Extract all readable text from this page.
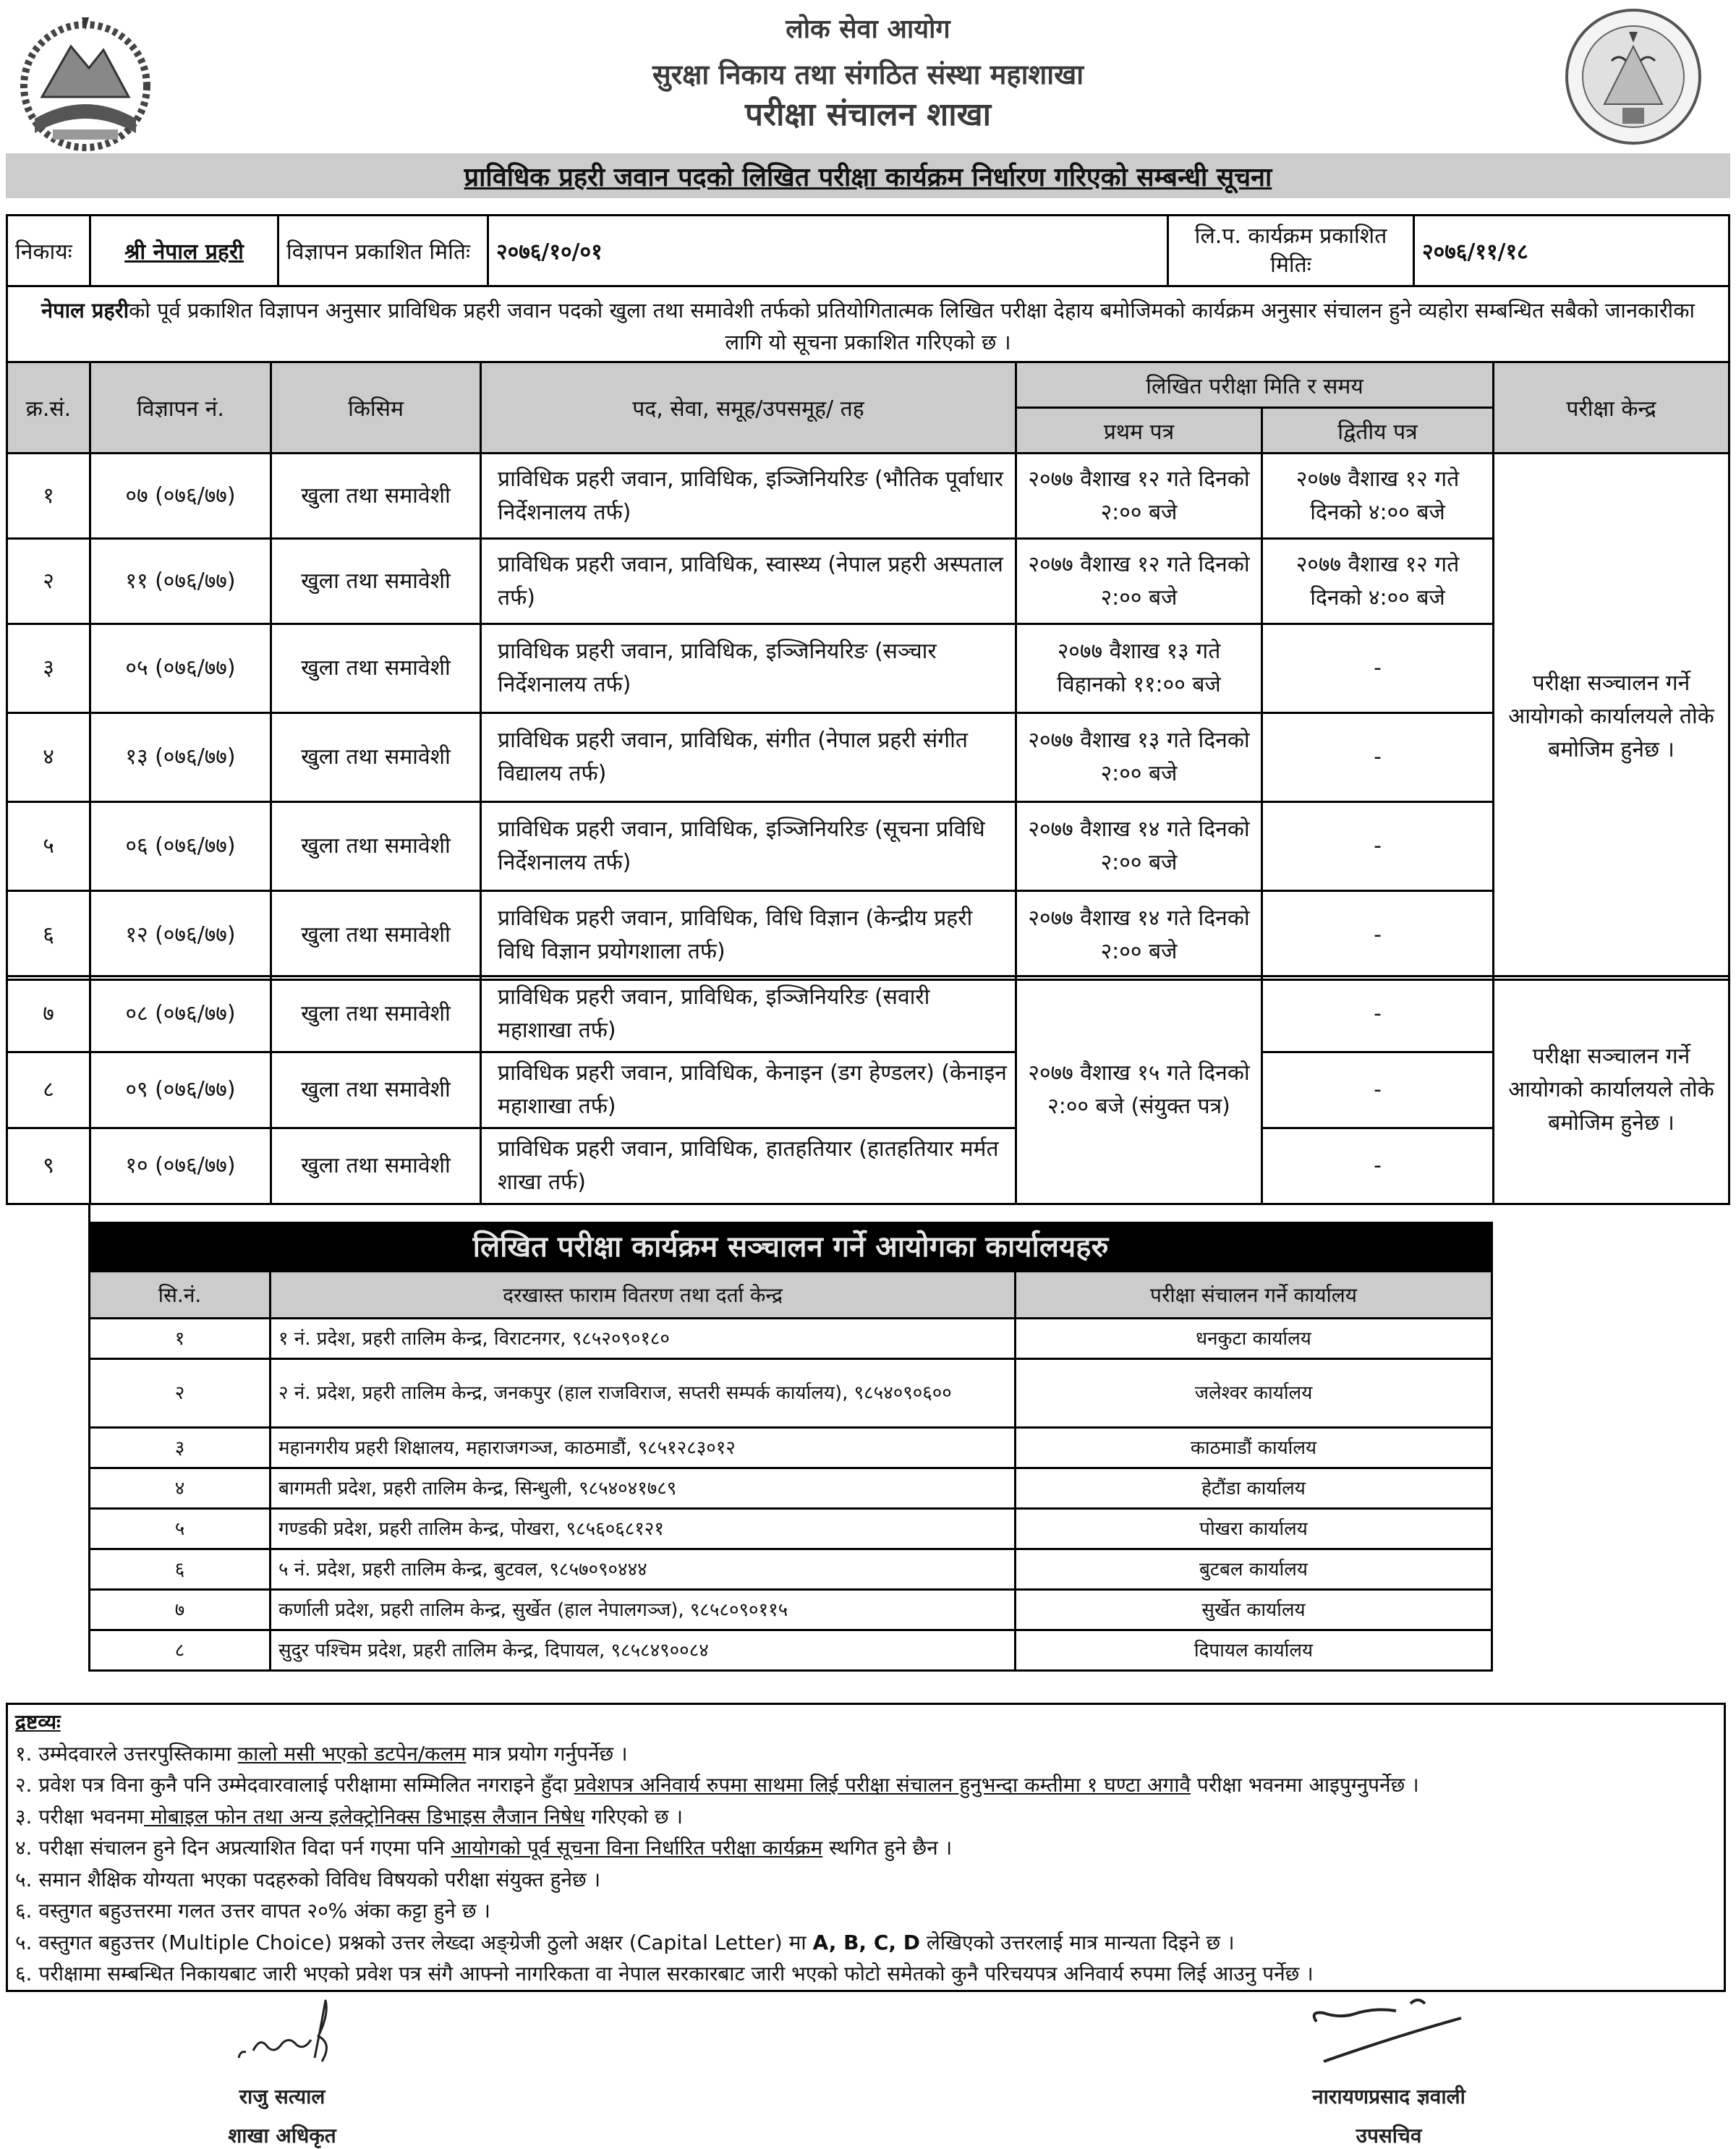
लोक सेवा आयोग
सुरक्षा निकाय तथा संगठित संस्था महाशाखा
परीक्षा संचालन शाखा
प्राविधिक प्रहरी जवान पदको लिखित परीक्षा कार्यक्रम निर्धारण गरिएको सम्बन्धी सूचना
निकायः	श्री नेपाल प्रहरी	विज्ञापन प्रकाशित मितिः	२०७६/१०/०१	लि.प. कार्यक्रम प्रकाशित मितिः	२०७६/११/१८
नेपाल प्रहरीको पूर्व प्रकाशित विज्ञापन अनुसार प्राविधिक प्रहरी जवान पदको खुला तथा समावेशी तर्फको प्रतियोगितात्मक लिखित परीक्षा देहाय बमोजिमको कार्यक्रम अनुसार संचालन हुने व्यहोरा सम्बन्धित सबैको जानकारीका लागि यो सूचना प्रकाशित गरिएको छ ।
क्र.सं.	विज्ञापन नं.	किसिम	पद, सेवा, समूह/उपसमूह/ तह	लिखित परीक्षा मिति र समय		परीक्षा केन्द्र
				प्रथम पत्र	द्वितीय पत्र	
१	०७ (०७६/७७)	खुला तथा समावेशी	प्राविधिक प्रहरी जवान, प्राविधिक, इञ्जिनियरिङ (भौतिक पूर्वाधार निर्देशनालय तर्फ)	२०७७ वैशाख १२ गते दिनको २:०० बजे	२०७७ वैशाख १२ गते दिनको ४:०० बजे	परीक्षा सञ्चालन गर्ने आयोगको कार्यालयले तोके बमोजिम हुनेछ ।
२	११ (०७६/७७)	खुला तथा समावेशी	प्राविधिक प्रहरी जवान, प्राविधिक, स्वास्थ्य (नेपाल प्रहरी अस्पताल तर्फ)	२०७७ वैशाख १२ गते दिनको २:०० बजे	२०७७ वैशाख १२ गते दिनको ४:०० बजे	
३	०५ (०७६/७७)	खुला तथा समावेशी	प्राविधिक प्रहरी जवान, प्राविधिक, इञ्जिनियरिङ (सञ्चार निर्देशनालय तर्फ)	२०७७ वैशाख १३ गते विहानको ११:०० बजे	-	
४	१३ (०७६/७७)	खुला तथा समावेशी	प्राविधिक प्रहरी जवान, प्राविधिक, संगीत (नेपाल प्रहरी संगीत विद्यालय तर्फ)	२०७७ वैशाख १३ गते दिनको २:०० बजे	-	
५	०६ (०७६/७७)	खुला तथा समावेशी	प्राविधिक प्रहरी जवान, प्राविधिक, इञ्जिनियरिङ (सूचना प्रविधि निर्देशनालय तर्फ)	२०७७ वैशाख १४ गते दिनको २:०० बजे	-	
६	१२ (०७६/७७)	खुला तथा समावेशी	प्राविधिक प्रहरी जवान, प्राविधिक, विधि विज्ञान (केन्द्रीय प्रहरी विधि विज्ञान प्रयोगशाला तर्फ)	२०७७ वैशाख १४ गते दिनको २:०० बजे	-	
७	०८ (०७६/७७)	खुला तथा समावेशी	प्राविधिक प्रहरी जवान, प्राविधिक, इञ्जिनियरिङ (सवारी महाशाखा तर्फ)	२०७७ वैशाख १५ गते दिनको २:०० बजे (संयुक्त पत्र)	-	परीक्षा सञ्चालन गर्ने आयोगको कार्यालयले तोके बमोजिम हुनेछ ।
८	०९ (०७६/७७)	खुला तथा समावेशी	प्राविधिक प्रहरी जवान, प्राविधिक, केनाइन (डग हेण्डलर) (केनाइन महाशाखा तर्फ)		-	
९	१० (०७६/७७)	खुला तथा समावेशी	प्राविधिक प्रहरी जवान, प्राविधिक, हातहतियार (हातहतियार मर्मत शाखा तर्फ)		-	
लिखित परीक्षा कार्यक्रम सञ्चालन गर्ने आयोगका कार्यालयहरु		
सि.नं.	दरखास्त फाराम वितरण तथा दर्ता केन्द्र	परीक्षा संचालन गर्ने कार्यालय
१	१ नं. प्रदेश, प्रहरी तालिम केन्द्र, विराटनगर, ९८५२०९०१८०	धनकुटा कार्यालय
२	२ नं. प्रदेश, प्रहरी तालिम केन्द्र, जनकपुर (हाल राजविराज, सप्तरी सम्पर्क कार्यालय), ९८५४०९०६००	जलेश्वर कार्यालय
३	महानगरीय प्रहरी शिक्षालय, महाराजगञ्ज, काठमाडौं, ९८५१२८३०१२	काठमाडौं कार्यालय
४	बागमती प्रदेश, प्रहरी तालिम केन्द्र, सिन्धुली, ९८५४०४१७८९	हेटौंडा कार्यालय
५	गण्डकी प्रदेश, प्रहरी तालिम केन्द्र, पोखरा, ९८५६०६८१२१	पोखरा कार्यालय
६	५ नं. प्रदेश, प्रहरी तालिम केन्द्र, बुटवल, ९८५७०९०४४४	बुटबल कार्यालय
७	कर्णाली प्रदेश, प्रहरी तालिम केन्द्र, सुर्खेत (हाल नेपालगञ्ज), ९८५८०९०११५	सुर्खेत कार्यालय
८	सुदुर पश्चिम प्रदेश, प्रहरी तालिम केन्द्र, दिपायल, ९८५८४९००८४	दिपायल कार्यालय
द्रष्टव्यः
१. उम्मेदवारले उत्तरपुस्तिकामा कालो मसी भएको डटपेन/कलम मात्र प्रयोग गर्नुपर्नेछ ।
२. प्रवेश पत्र विना कुनै पनि उम्मेदवारवालाई परीक्षामा सम्मिलित नगराइने हुँदा प्रवेशपत्र अनिवार्य रुपमा साथमा लिई परीक्षा संचालन हुनुभन्दा कम्तीमा १ घण्टा अगावै परीक्षा भवनमा आइपुग्नुपर्नेछ ।
३. परीक्षा भवनमा मोबाइल फोन तथा अन्य इलेक्ट्रोनिक्स डिभाइस लैजान निषेध गरिएको छ ।
४. परीक्षा संचालन हुने दिन अप्रत्याशित विदा पर्न गएमा पनि आयोगको पूर्व सूचना विना निर्धारित परीक्षा कार्यक्रम स्थगित हुने छैन ।
५. समान शैक्षिक योग्यता भएका पदहरुको विविध विषयको परीक्षा संयुक्त हुनेछ ।
६. वस्तुगत बहुउत्तरमा गलत उत्तर वापत २०% अंका कट्टा हुने छ ।
५. वस्तुगत बहुउत्तर (Multiple Choice) प्रश्नको उत्तर लेख्दा अङ्ग्रेजी ठुलो अक्षर (Capital Letter) मा A, B, C, D लेखिएको उत्तरलाई मात्र मान्यता दिइने छ ।
६. परीक्षामा सम्बन्धित निकायबाट जारी भएको प्रवेश पत्र संगै आफ्नो नागरिकता वा नेपाल सरकारबाट जारी भएको फोटो समेतको कुनै परिचयपत्र अनिवार्य रुपमा लिई आउनु पर्नेछ ।
राजु सत्याल
शाखा अधिकृत
नारायणप्रसाद ज्ञवाली
उपसचिव
